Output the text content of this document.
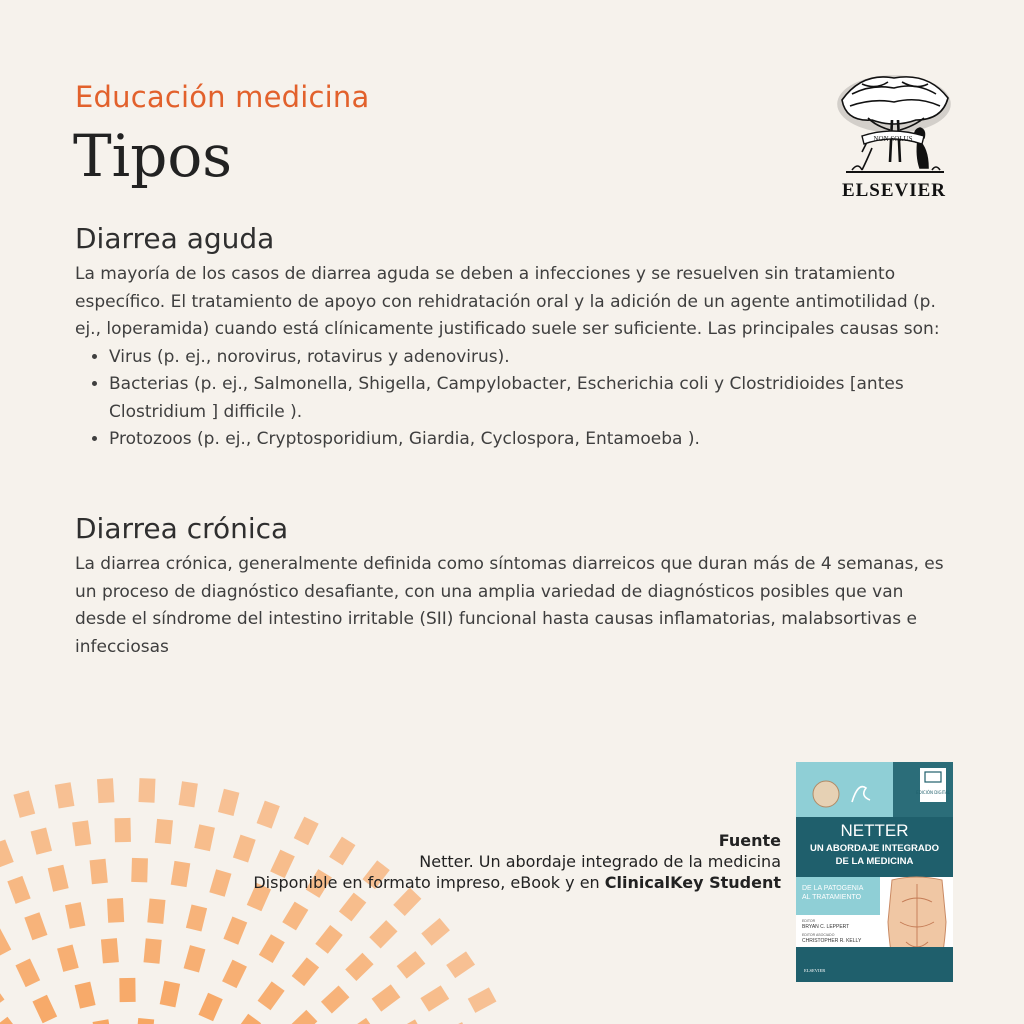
Educación medicina
Tipos	NON SOLUS
ELSEVIER
Diarrea aguda

La mayoría de los casos de diarrea aguda se deben a infecciones y se resuelven sin tratamiento específico. El tratamiento de apoyo con rehidratación oral y la adición de un agente antimotilidad (p. ej., loperamida) cuando está clínicamente justificado suele ser suficiente. Las principales causas son:

• Virus (p. ej., norovirus, rotavirus y adenovirus).
• Bacterias (p. ej., Salmonella, Shigella, Campylobacter, Escherichia coli y Clostridioides [antes Clostridium ] difficile ).
• Protozoos (p. ej., Cryptosporidium, Giardia, Cyclospora, Entamoeba ).
Diarrea crónica

La diarrea crónica, generalmente definida como síntomas diarreicos que duran más de 4 semanas, es un proceso de diagnóstico desafiante, con una amplia variedad de diagnósticos posibles que van desde el síndrome del intestino irritable (SII) funcional hasta causas inflamatorias, malabsortivas e infecciosas

Fuente
Netter. Un abordaje integrado de la medicina
Disponible en formato impreso, eBook y en ClinicalKey Student
EDICIÓN DIGITAL
NETTER
UN ABORDAJE INTEGRADO
DE LA MEDICINA
DE LA PATOGENIA
AL TRATAMIENTO
EDITOR
BRYAN C. LEPPERT
EDITOR ASOCIADO
CHRISTOPHER R. KELLY
ELSEVIER
